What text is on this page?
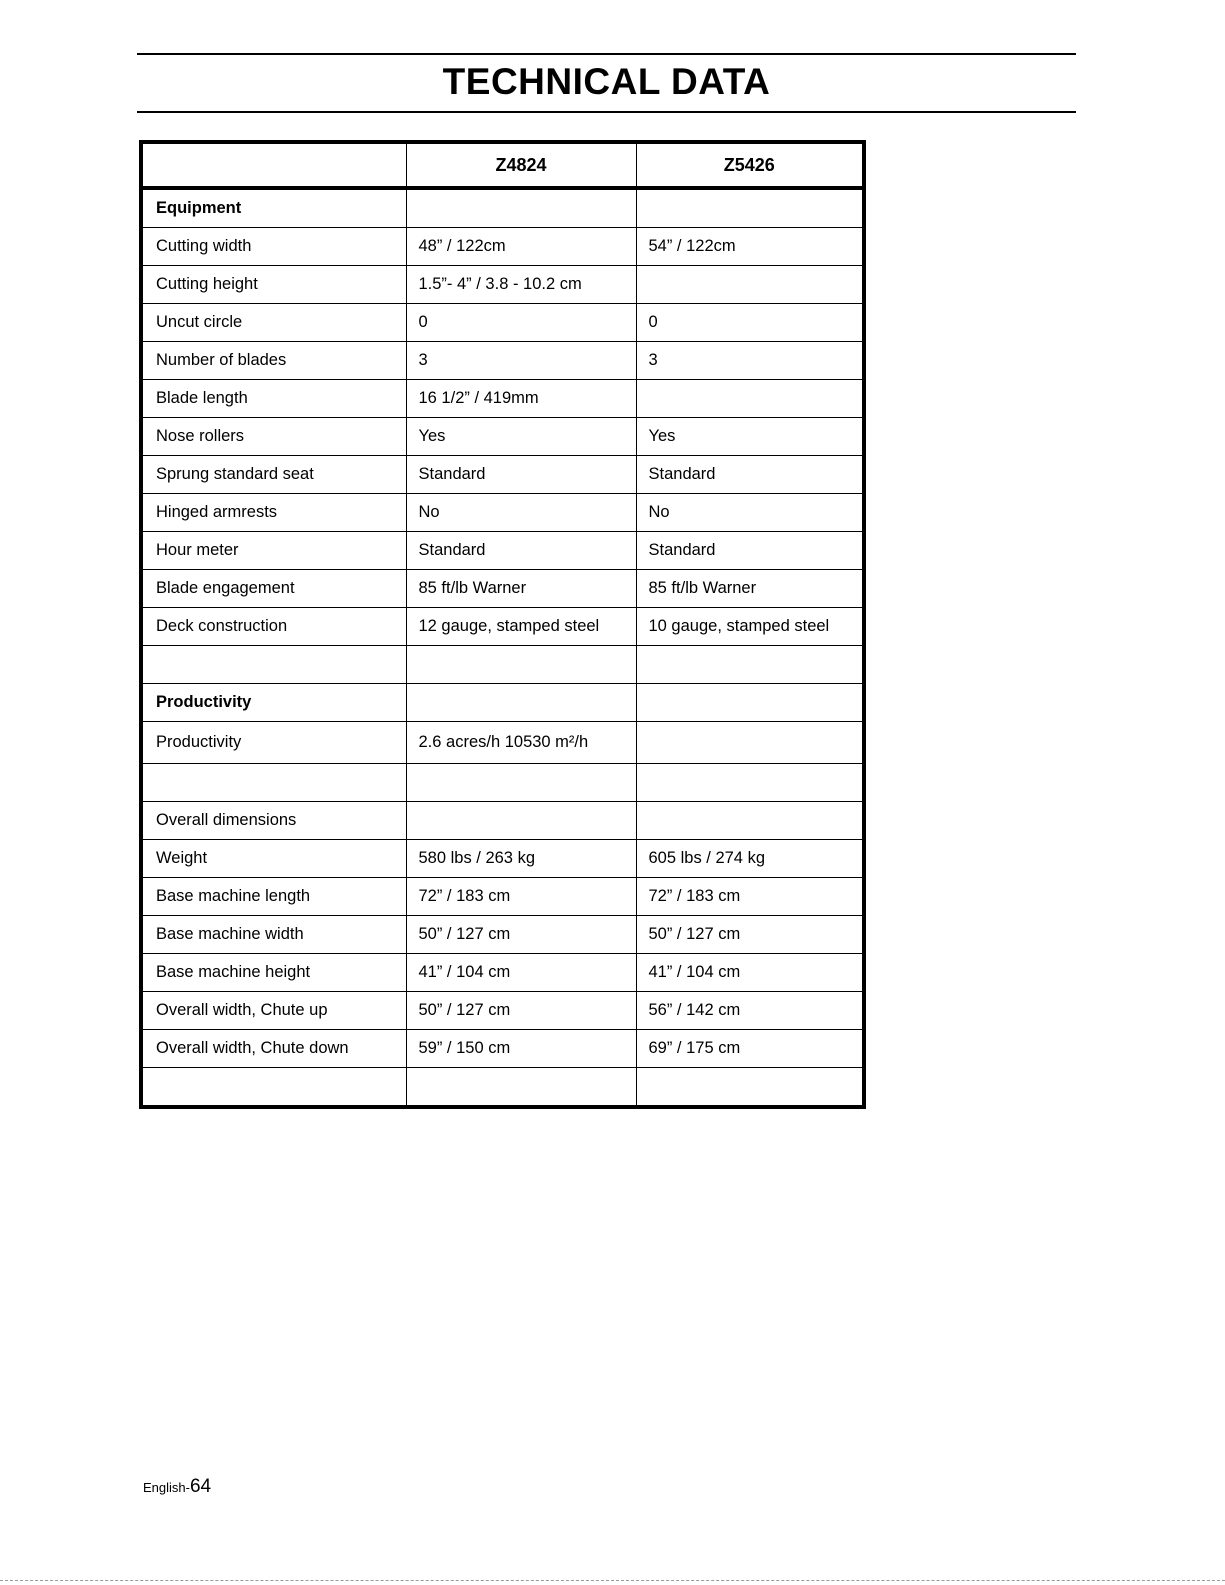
TECHNICAL DATA
	Z4824	Z5426
Equipment		
Cutting width	48” / 122cm	54” / 122cm
Cutting height	1.5”- 4” / 3.8 - 10.2 cm	
Uncut circle	0	0
Number of blades	3	3
Blade length	16 1/2” / 419mm	
Nose rollers	Yes	Yes
Sprung standard seat	Standard	Standard
Hinged armrests	No	No
Hour meter	Standard	Standard
Blade engagement	85 ft/lb Warner	85 ft/lb Warner
Deck construction	12 gauge, stamped steel	10 gauge, stamped steel

Productivity		
Productivity	2.6 acres/h 10530 m²/h	

Overall dimensions		
Weight	580 lbs / 263 kg	605 lbs / 274 kg
Base machine length	72” / 183 cm	72” / 183 cm
Base machine width	50” / 127 cm	50” / 127 cm
Base machine height	41” / 104 cm	41” / 104 cm
Overall width, Chute up	50” / 127 cm	56” / 142 cm
Overall width, Chute down	59” / 150 cm	69” / 175 cm

English-64
